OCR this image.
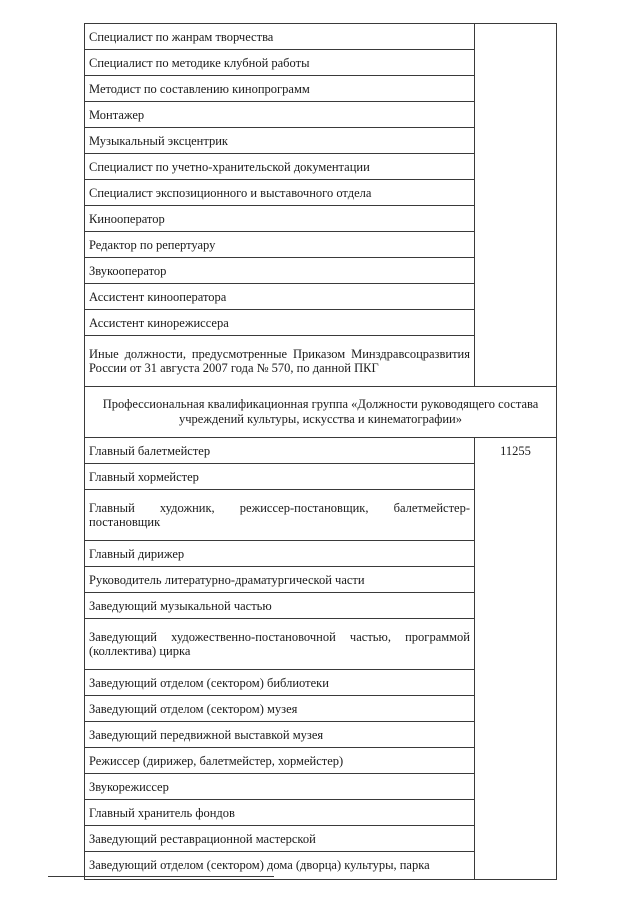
Специалист по жанрам творчества	
Специалист по методике клубной работы	
Методист по составлению кинопрограмм	
Монтажер	
Музыкальный эксцентрик	
Специалист по учетно-хранительской документации	
Специалист экспозиционного и выставочного отдела	
Кинооператор	
Редактор по репертуару	
Звукооператор	
Ассистент кинооператора	
Ассистент кинорежиссера	
Иные должности, предусмотренные Приказом Минздравсоцразвития России от 31 августа 2007 года № 570, по данной ПКГ	
Профессиональная квалификационная группа «Должности руководящего состава учреждений культуры, искусства и кинематографии»	
Главный балетмейстер	11255
Главный хормейстер	
Главный художник, режиссер-постановщик, балетмейстер-постановщик	
Главный дирижер	
Руководитель литературно-драматургической части	
Заведующий музыкальной частью	
Заведующий художественно-постановочной частью, программой (коллектива) цирка	
Заведующий отделом (сектором) библиотеки	
Заведующий отделом (сектором) музея	
Заведующий передвижной выставкой музея	
Режиссер (дирижер, балетмейстер, хормейстер)	
Звукорежиссер	
Главный хранитель фондов	
Заведующий реставрационной мастерской	
Заведующий отделом (сектором) дома (дворца) культуры, парка	
